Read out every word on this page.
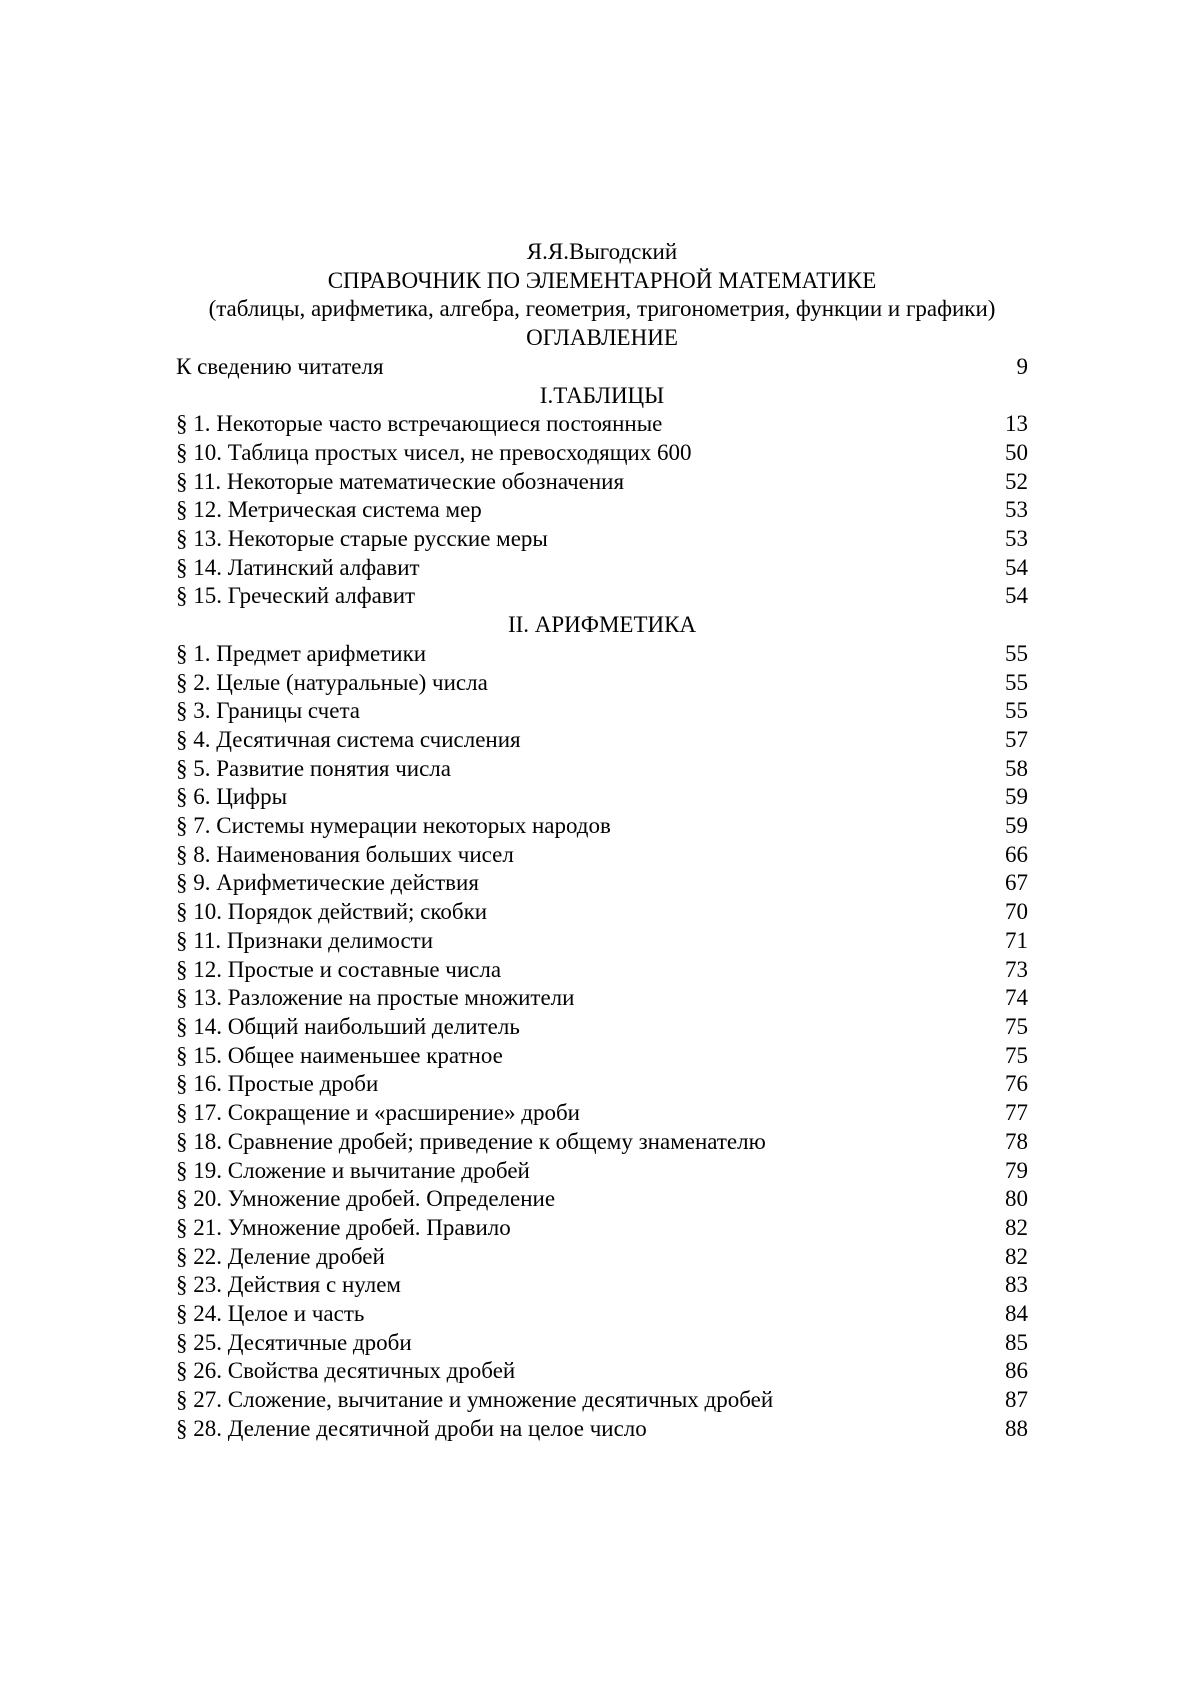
Я.Я.Выгодский
СПРАВОЧНИК ПО ЭЛЕМЕНТАРНОЙ МАТЕМАТИКЕ
(таблицы, арифметика, алгебра, геометрия, тригонометрия, функции и графики)
ОГЛАВЛЕНИЕ
К сведению читателя	9
I.ТАБЛИЦЫ
§ 1. Некоторые часто встречающиеся постоянные	13
§ 10. Таблица простых чисел, не превосходящих 600	50
§ 11. Некоторые математические обозначения	52
§ 12. Метрическая система мер	53
§ 13. Некоторые старые русские меры	53
§ 14. Латинский алфавит	54
§ 15. Греческий алфавит	54
II. АРИФМЕТИКА
§ 1. Предмет арифметики	55
§ 2. Целые (натуральные) числа	55
§ 3. Границы счета	55
§ 4. Десятичная система счисления	57
§ 5. Развитие понятия числа	58
§ 6. Цифры	59
§ 7. Системы нумерации некоторых народов	59
§ 8. Наименования больших чисел	66
§ 9. Арифметические действия	67
§ 10. Порядок действий; скобки	70
§ 11. Признаки делимости	71
§ 12. Простые и составные числа	73
§ 13. Разложение на простые множители	74
§ 14. Общий наибольший делитель	75
§ 15. Общее наименьшее кратное	75
§ 16. Простые дроби	76
§ 17. Сокращение и «расширение» дроби	77
§ 18. Сравнение дробей; приведение к общему знаменателю	78
§ 19. Сложение и вычитание дробей	79
§ 20. Умножение дробей. Определение	80
§ 21. Умножение дробей. Правило	82
§ 22. Деление дробей	82
§ 23. Действия с нулем	83
§ 24. Целое и часть	84
§ 25. Десятичные дроби	85
§ 26. Свойства десятичных дробей	86
§ 27. Сложение, вычитание и умножение десятичных дробей	87
§ 28. Деление десятичной дроби на целое число	88
